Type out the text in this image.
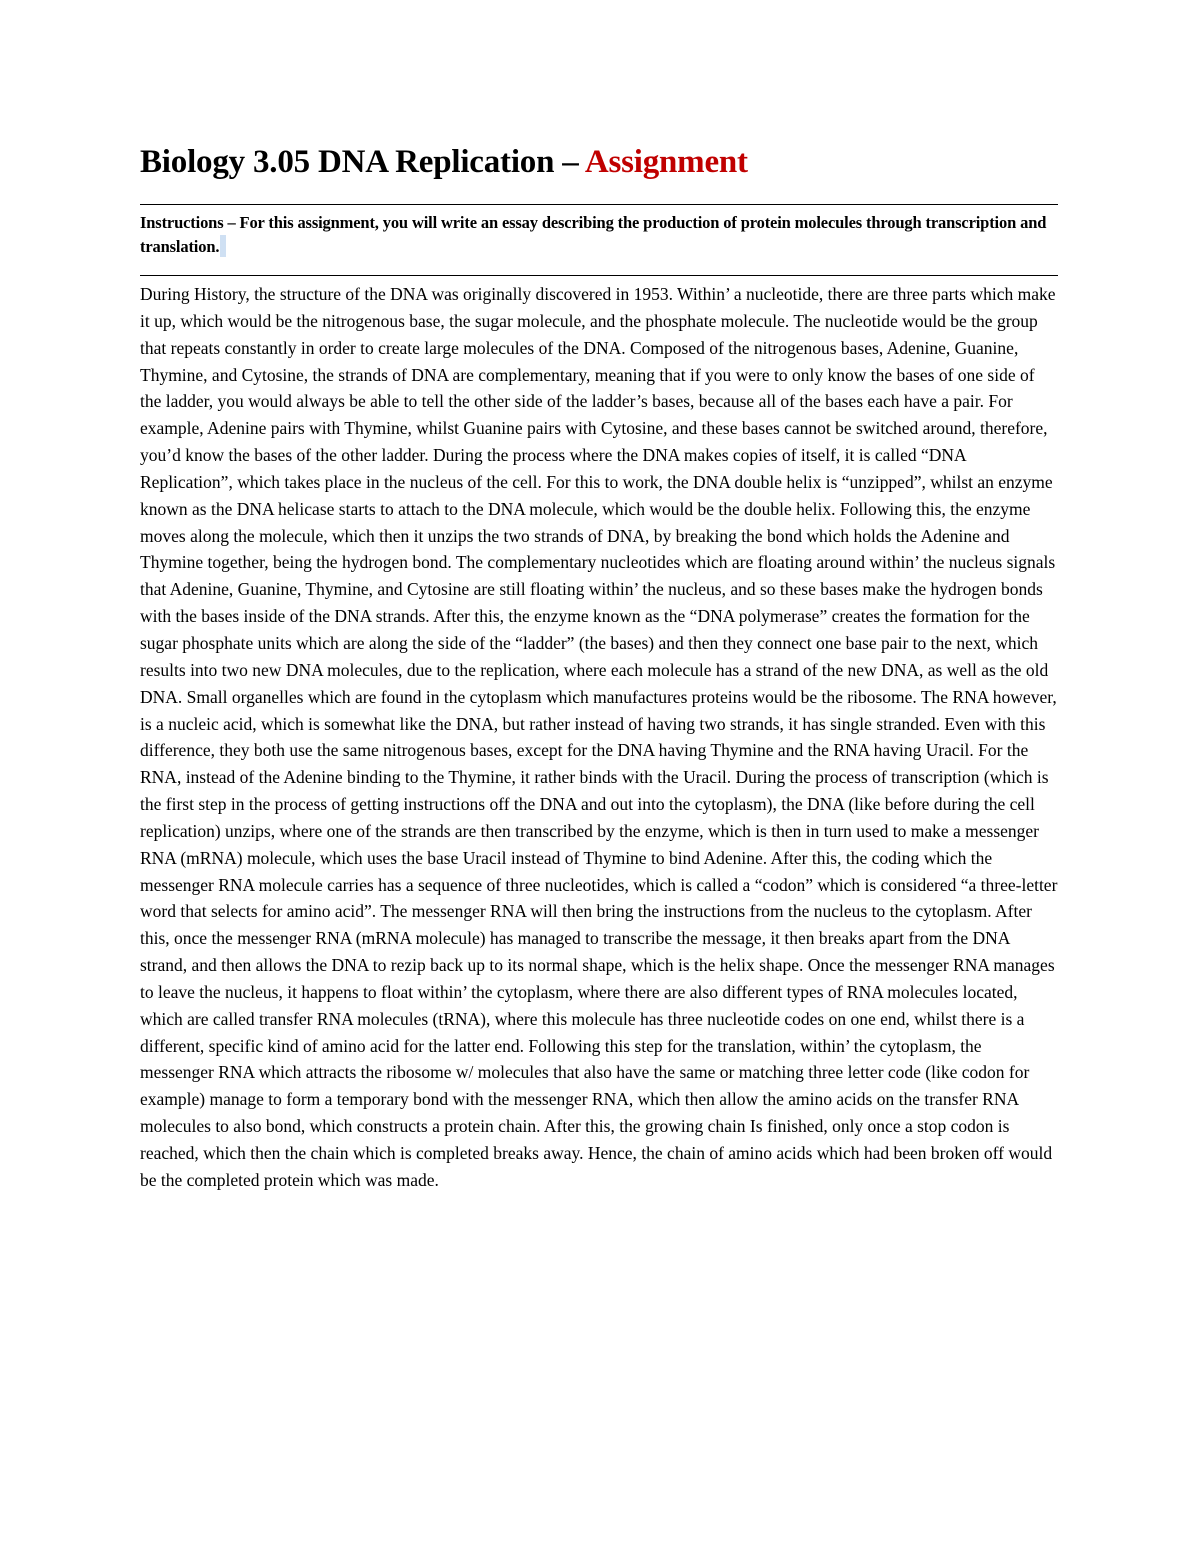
Biology 3.05 DNA Replication – Assignment

Instructions – For this assignment, you will write an essay describing the production of protein molecules through transcription and translation.

During History, the structure of the DNA was originally discovered in 1953. Within’ a nucleotide, there are three parts which make it up, which would be the nitrogenous base, the sugar molecule, and the phosphate molecule. The nucleotide would be the group that repeats constantly in order to create large molecules of the DNA. Composed of the nitrogenous bases, Adenine, Guanine, Thymine, and Cytosine, the strands of DNA are complementary, meaning that if you were to only know the bases of one side of the ladder, you would always be able to tell the other side of the ladder’s bases, because all of the bases each have a pair. For example, Adenine pairs with Thymine, whilst Guanine pairs with Cytosine, and these bases cannot be switched around, therefore, you’d know the bases of the other ladder. During the process where the DNA makes copies of itself, it is called “DNA Replication”, which takes place in the nucleus of the cell. For this to work, the DNA double helix is “unzipped”, whilst an enzyme known as the DNA helicase starts to attach to the DNA molecule, which would be the double helix. Following this, the enzyme moves along the molecule, which then it unzips the two strands of DNA, by breaking the bond which holds the Adenine and Thymine together, being the hydrogen bond. The complementary nucleotides which are floating around within’ the nucleus signals that Adenine, Guanine, Thymine, and Cytosine are still floating within’ the nucleus, and so these bases make the hydrogen bonds with the bases inside of the DNA strands. After this, the enzyme known as the “DNA polymerase” creates the formation for the sugar phosphate units which are along the side of the “ladder” (the bases) and then they connect one base pair to the next, which results into two new DNA molecules, due to the replication, where each molecule has a strand of the new DNA, as well as the old DNA. Small organelles which are found in the cytoplasm which manufactures proteins would be the ribosome. The RNA however, is a nucleic acid, which is somewhat like the DNA, but rather instead of having two strands, it has single stranded. Even with this difference, they both use the same nitrogenous bases, except for the DNA having Thymine and the RNA having Uracil. For the RNA, instead of the Adenine binding to the Thymine, it rather binds with the Uracil. During the process of transcription (which is the first step in the process of getting instructions off the DNA and out into the cytoplasm), the DNA (like before during the cell replication) unzips, where one of the strands are then transcribed by the enzyme, which is then in turn used to make a messenger RNA (mRNA) molecule, which uses the base Uracil instead of Thymine to bind Adenine. After this, the coding which the messenger RNA molecule carries has a sequence of three nucleotides, which is called a “codon” which is considered “a three-letter word that selects for amino acid”. The messenger RNA will then bring the instructions from the nucleus to the cytoplasm. After this, once the messenger RNA (mRNA molecule) has managed to transcribe the message, it then breaks apart from the DNA strand, and then allows the DNA to rezip back up to its normal shape, which is the helix shape. Once the messenger RNA manages to leave the nucleus, it happens to float within’ the cytoplasm, where there are also different types of RNA molecules located, which are called transfer RNA molecules (tRNA), where this molecule has three nucleotide codes on one end, whilst there is a different, specific kind of amino acid for the latter end. Following this step for the translation, within’ the cytoplasm, the messenger RNA which attracts the ribosome w/ molecules that also have the same or matching three letter code (like codon for example) manage to form a temporary bond with the messenger RNA, which then allow the amino acids on the transfer RNA molecules to also bond, which constructs a protein chain. After this, the growing chain Is finished, only once a stop codon is reached, which then the chain which is completed breaks away. Hence, the chain of amino acids which had been broken off would be the completed protein which was made.
